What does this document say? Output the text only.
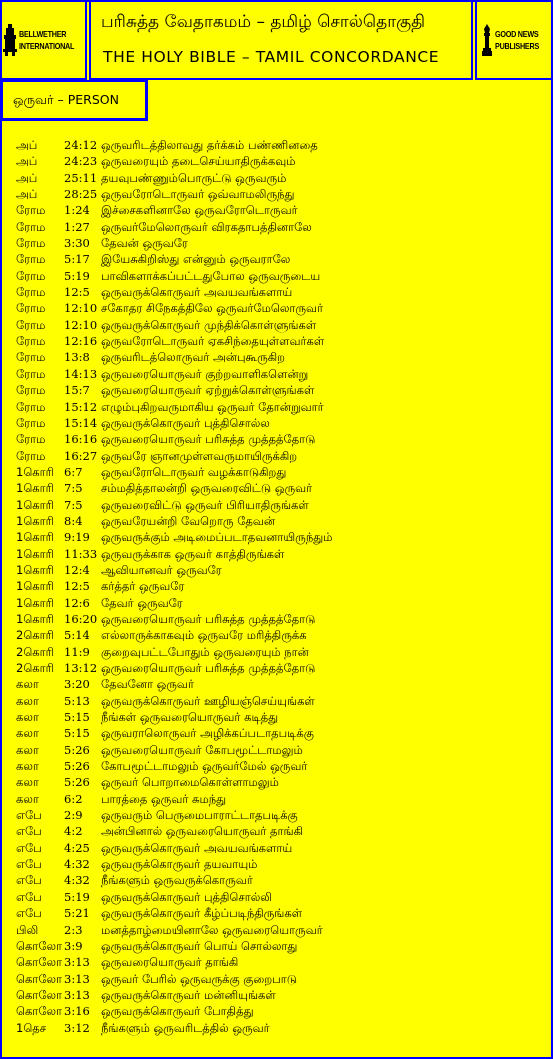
BELLWETHER
INTERNATIONAL
பரிசுத்த வேதாகமம் – தமிழ் சொல்தொகுதி
THE HOLY BIBLE – TAMIL CONCORDANCE
GOOD NEWS
PUBLISHERS
ஒருவர் – PERSON
அப் 24:12 ஒருவரிடத்திலாவது தர்க்கம் பண்ணினதை
அப் 24:23 ஒருவரையும் தடைசெய்யாதிருக்கவும்
அப் 25:11 தயவுபண்ணும்பொருட்டு ஒருவரும்
அப் 28:25 ஒருவரோடொருவர் ஒவ்வாமலிருந்து
ரோம 1:24 இச்சைகளினாலே ஒருவரோடொருவர்
ரோம 1:27 ஒருவர்மேலொருவர் விரகதாபத்தினாலே
ரோம 3:30 தேவன் ஒருவரே
ரோம 5:17 இயேசுகிறிஸ்து என்னும் ஒருவராலே
ரோம 5:19 பாவிகளாக்கப்பட்டதுபோல ஒருவருடைய
ரோம 12:5 ஒருவருக்கொருவர் அவயவங்களாய்
ரோம 12:10 சகோதர சிநேகத்திலே ஒருவர்மேலொருவர்
ரோம 12:10 ஒருவருக்கொருவர் முந்திக்கொள்ளுங்கள்
ரோம 12:16 ஒருவரோடொருவர் ஏகசிந்தையுள்ளவர்கள்
ரோம 13:8 ஒருவரிடத்லொருவர் அன்புகூருகிற
ரோம 14:13 ஒருவரையொருவர் குற்றவாளிகளென்று
ரோம 15:7 ஒருவரையொருவர் ஏற்றுக்கொள்ளுங்கள்
ரோம 15:12 எழும்புகிறவருமாகிய ஒருவர் தோன்றுவார்
ரோம 15:14 ஒருவருக்கொருவர் புத்திசொல்ல
ரோம 16:16 ஒருவரையொருவர் பரிசுத்த முத்தத்தோடு
ரோம 16:27 ஒருவரே ஞானமுள்ளவருமாயிருக்கிற
1கொரி 6:7 ஒருவரோடொருவர் வழக்காடுகிறது
1கொரி 7:5 சம்மதித்தாலன்றி ஒருவரைவிட்டு ஒருவர்
1கொரி 7:5 ஒருவரைவிட்டு ஒருவர் பிரியாதிருங்கள்
1கொரி 8:4 ஒருவரேயன்றி வேறொரு தேவன்
1கொரி 9:19 ஒருவருக்கும் அடிமைப்படாதவனாயிருந்தும்
1கொரி 11:33 ஒருவருக்காக ஒருவர் காத்திருங்கள்
1கொரி 12:4 ஆவியானவர் ஒருவரே
1கொரி 12:5 கர்த்தர் ஒருவரே
1கொரி 12:6 தேவர் ஒருவரே
1கொரி 16:20 ஒருவரையொருவர் பரிசுத்த முத்தத்தோடு
2கொரி 5:14 எல்லாருக்காகவும் ஒருவரே மரித்திருக்க
2கொரி 11:9 குறைவுபட்டபோதும் ஒருவரையும் நான்
2கொரி 13:12 ஒருவரையொருவர் பரிசுத்த முத்தத்தோடு
கலா 3:20 தேவனோ ஒருவர்
கலா 5:13 ஒருவருக்கொருவர் ஊழியஞ்செய்யுங்கள்
கலா 5:15 நீங்கள் ஒருவரையொருவர் கடித்து
கலா 5:15 ஒருவராலொருவர் அழிக்கப்படாதபடிக்கு
கலா 5:26 ஒருவரையொருவர் கோபமூட்டாமலும்
கலா 5:26 கோபமூட்டாமலும் ஒருவர்மேல் ஒருவர்
கலா 5:26 ஒருவர் பொறாமைகொள்ளாமலும்
கலா 6:2 பாரத்தை ஒருவர் சுமந்து
எபே 2:9 ஒருவரும் பெருமைபாராட்டாதபடிக்கு
எபே 4:2 அன்பினால் ஒருவரையொருவர் தாங்கி
எபே 4:25 ஒருவருக்கொருவர் அவயவங்களாய்
எபே 4:32 ஒருவருக்கொருவர் தயவாயும்
எபே 4:32 நீங்களும் ஒருவருக்கொருவர்
எபே 5:19 ஒருவருக்கொருவர் புத்திசொல்லி
எபே 5:21 ஒருவருக்கொருவர் கீழ்ப்படிந்திருங்கள்
பிலி 2:3 மனத்தாழ்மையினாலே ஒருவரையொருவர்
கொலோ 3:9 ஒருவருக்கொருவர் பொய் சொல்லாது
கொலோ 3:13 ஒருவரையொருவர் தாங்கி
கொலோ 3:13 ஒருவர் பேரில் ஒருவருக்கு குறைபாடு
கொலோ 3:13 ஒருவருக்கொருவர் மன்னியுங்கள்
கொலோ 3:16 ஒருவருக்கொருவர் போதித்து
1தெச 3:12 நீங்களும் ஒருவரிடத்தில் ஒருவர்
